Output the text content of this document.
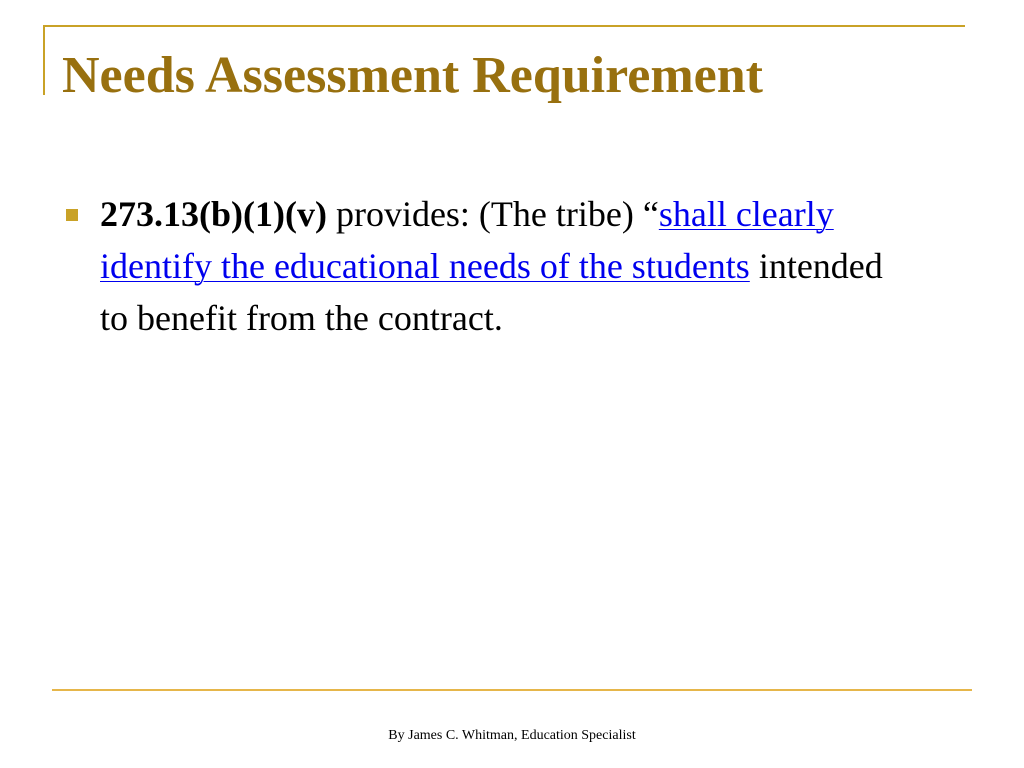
Needs Assessment Requirement
273.13(b)(1)(v) provides: (The tribe) “shall clearly identify the educational needs of the students intended to benefit from the contract.
By James C. Whitman, Education Specialist
